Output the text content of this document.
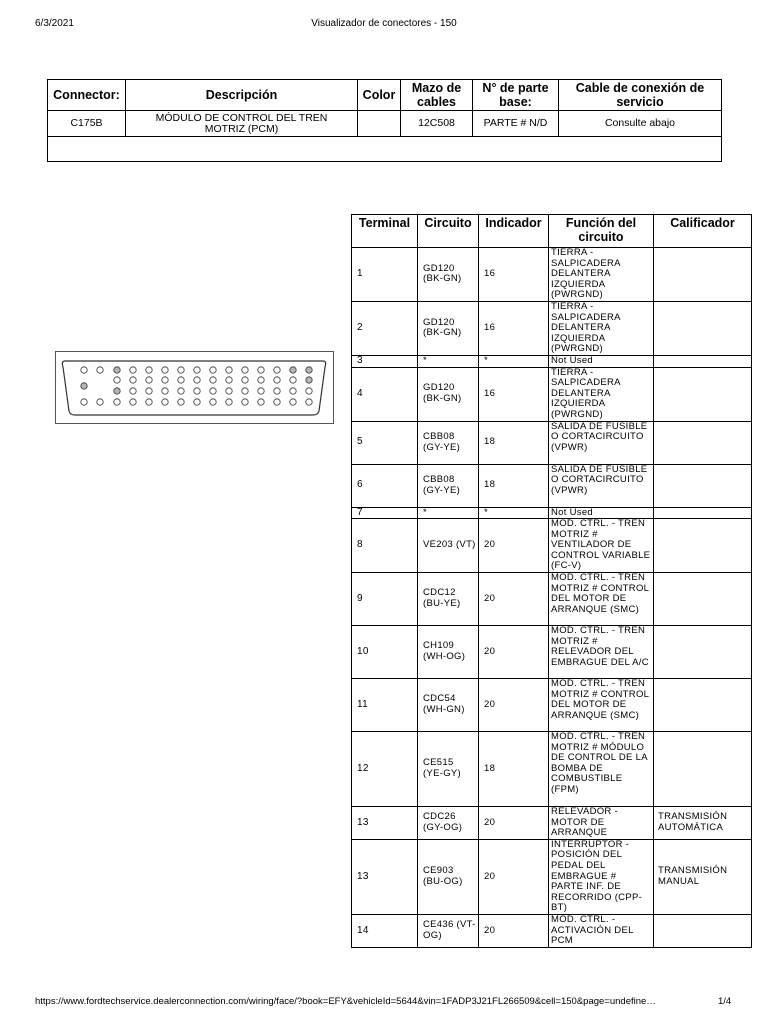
6/3/2021	Visualizador de conectores - 150
Connector:	Descripción	Color	Mazo de cables	N° de parte base:	Cable de conexión de servicio
C175B	MÓDULO DE CONTROL DEL TREN MOTRIZ (PCM)		12C508	PARTE # N/D	Consulte abajo

Terminal	Circuito	Indicador	Función del circuito	Calificador
1	GD120 (BK-GN)	16	TIERRA - SALPICADERA DELANTERA IZQUIERDA (PWRGND)	
2	GD120 (BK-GN)	16	TIERRA - SALPICADERA DELANTERA IZQUIERDA (PWRGND)	
3	*	*	Not Used	
4	GD120 (BK-GN)	16	TIERRA - SALPICADERA DELANTERA IZQUIERDA (PWRGND)	
5	CBB08 (GY-YE)	18	SALIDA DE FUSIBLE O CORTACIRCUITO (VPWR)	
6	CBB08 (GY-YE)	18	SALIDA DE FUSIBLE O CORTACIRCUITO (VPWR)	
7	*	*	Not Used	
8	VE203 (VT)	20	MOD. CTRL. - TREN MOTRIZ # VENTILADOR DE CONTROL VARIABLE (FC-V)	
9	CDC12 (BU-YE)	20	MOD. CTRL. - TREN MOTRIZ # CONTROL DEL MOTOR DE ARRANQUE (SMC)	
10	CH109 (WH-OG)	20	MOD. CTRL. - TREN MOTRIZ # RELEVADOR DEL EMBRAGUE DEL A/C	
11	CDC54 (WH-GN)	20	MOD. CTRL. - TREN MOTRIZ # CONTROL DEL MOTOR DE ARRANQUE (SMC)	
12	CE515 (YE-GY)	18	MOD. CTRL. - TREN MOTRIZ # MÓDULO DE CONTROL DE LA BOMBA DE COMBUSTIBLE (FPM)	
13	CDC26 (GY-OG)	20	RELEVADOR - MOTOR DE ARRANQUE	TRANSMISIÓN AUTOMÁTICA
13	CE903 (BU-OG)	20	INTERRUPTOR - POSICIÓN DEL PEDAL DEL EMBRAGUE # PARTE INF. DE RECORRIDO (CPP-BT)	TRANSMISIÓN MANUAL
14	CE436 (VT-OG)	20	MOD. CTRL. - ACTIVACIÓN DEL PCM	
https://www.fordtechservice.dealerconnection.com/wiring/face/?book=EFY&vehicleId=5644&vin=1FADP3J21FL266509&cell=150&page=undefine…	1/4
